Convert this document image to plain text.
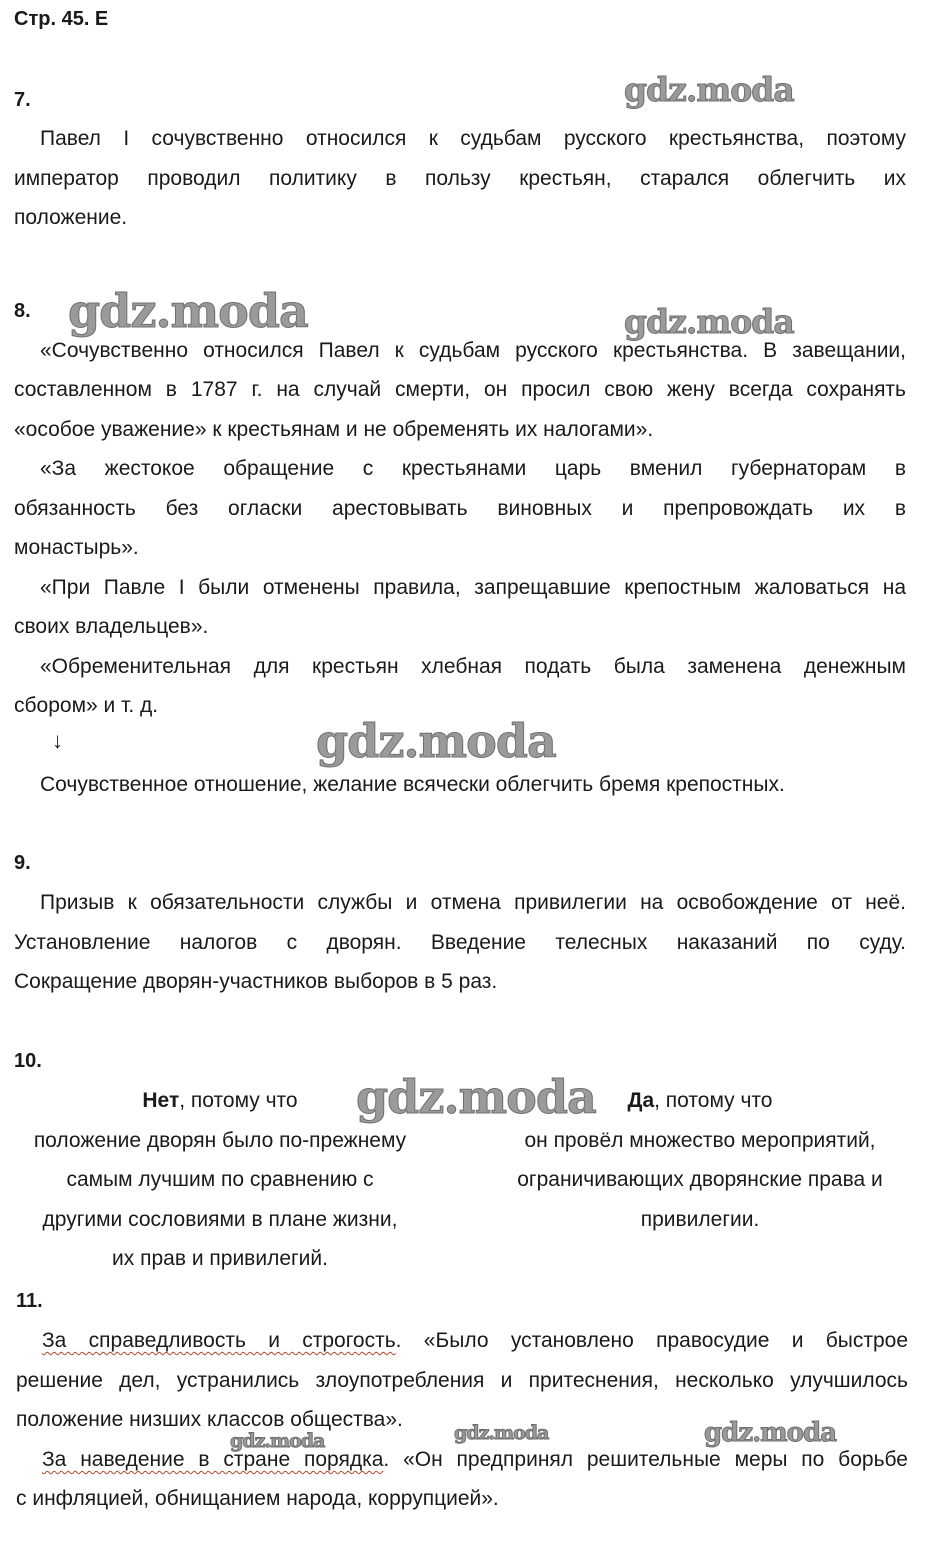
Стр. 45. Е
gdz.moda
gdz.moda	gdz.moda
gdz.moda
gdz.moda
gdz.moda
gdz.moda	gdz.moda
7.
Павел I сочувственно относился к судьбам русского крестьянства, поэтому
император проводил политику в пользу крестьян, старался облегчить их
положение.
8.
«Сочувственно относился Павел к судьбам русского крестьянства. В завещании,
составленном в 1787 г. на случай смерти, он просил свою жену всегда сохранять
«особое уважение» к крестьянам и не обременять их налогами».
«За жестокое обращение с крестьянами царь вменил губернаторам в
обязанность без огласки арестовывать виновных и препровождать их в
монастырь».
«При Павле I были отменены правила, запрещавшие крепостным жаловаться на
своих владельцев».
«Обременительная для крестьян хлебная подать была заменена денежным
сбором» и т. д.
↓
Сочувственное отношение, желание всячески облегчить бремя крепостных.
9.
Призыв к обязательности службы и отмена привилегии на освобождение от неё.
Установление налогов с дворян. Введение телесных наказаний по суду.
Сокращение дворян-участников выборов в 5 раз.
10.
Нет, потому что
положение дворян было по-прежнему
самым лучшим по сравнению с
другими сословиями в плане жизни,
их прав и привилегий.
Да, потому что
он провёл множество мероприятий,
ограничивающих дворянские права и
привилегии.
11.
За справедливость и строгость. «Было установлено правосудие и быстрое
решение дел, устранились злоупотребления и притеснения, несколько улучшилось
положение низших классов общества».
За наведение в стране порядка. «Он предпринял решительные меры по борьбе
с инфляцией, обнищанием народа, коррупцией».
